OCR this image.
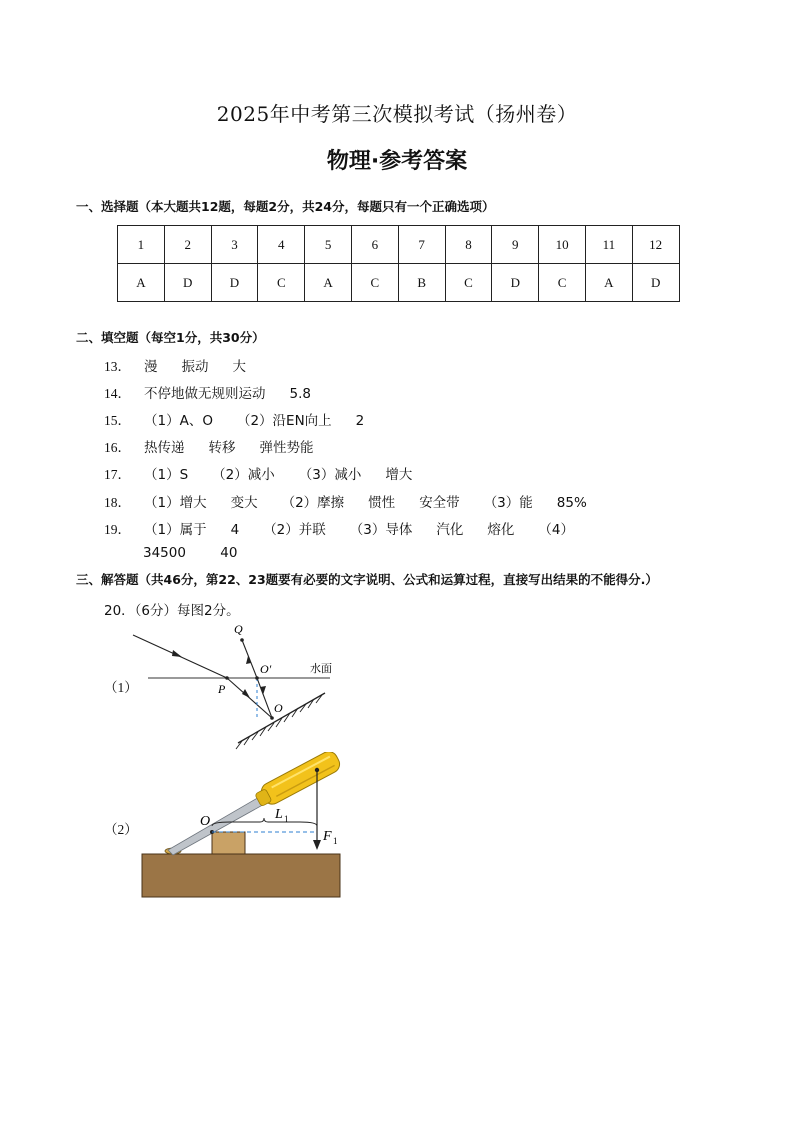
2025年中考第三次模拟考试（扬州卷）
物理·参考答案
一、选择题（本大题共12题，每题2分，共24分，每题只有一个正确选项）
1	2	3	4	5	6	7	8	9	10	11	12
A	D	D	C	A	C	B	C	D	C	A	D
二、填空题（每空1分，共30分）
13． 漫 振动 大
14． 不停地做无规则运动 5.8
15． （1）A、O （2）沿EN向上 2
16． 热传递 转移 弹性势能
17． （1）S （2）减小 （3）减小 增大
18． （1）增大 变大 （2）摩擦 惯性 安全带 （3）能 85%
19． （1）属于 4 （2）并联 （3）导体 汽化 熔化 （4）
34500	40
三、解答题（共46分，第22、23题要有必要的文字说明、公式和运算过程，直接写出结果的不能得分.）
20．（6分）每图2分。
（1）
Q
O′
P
O
水面
（2）
O
F 1
L 1
